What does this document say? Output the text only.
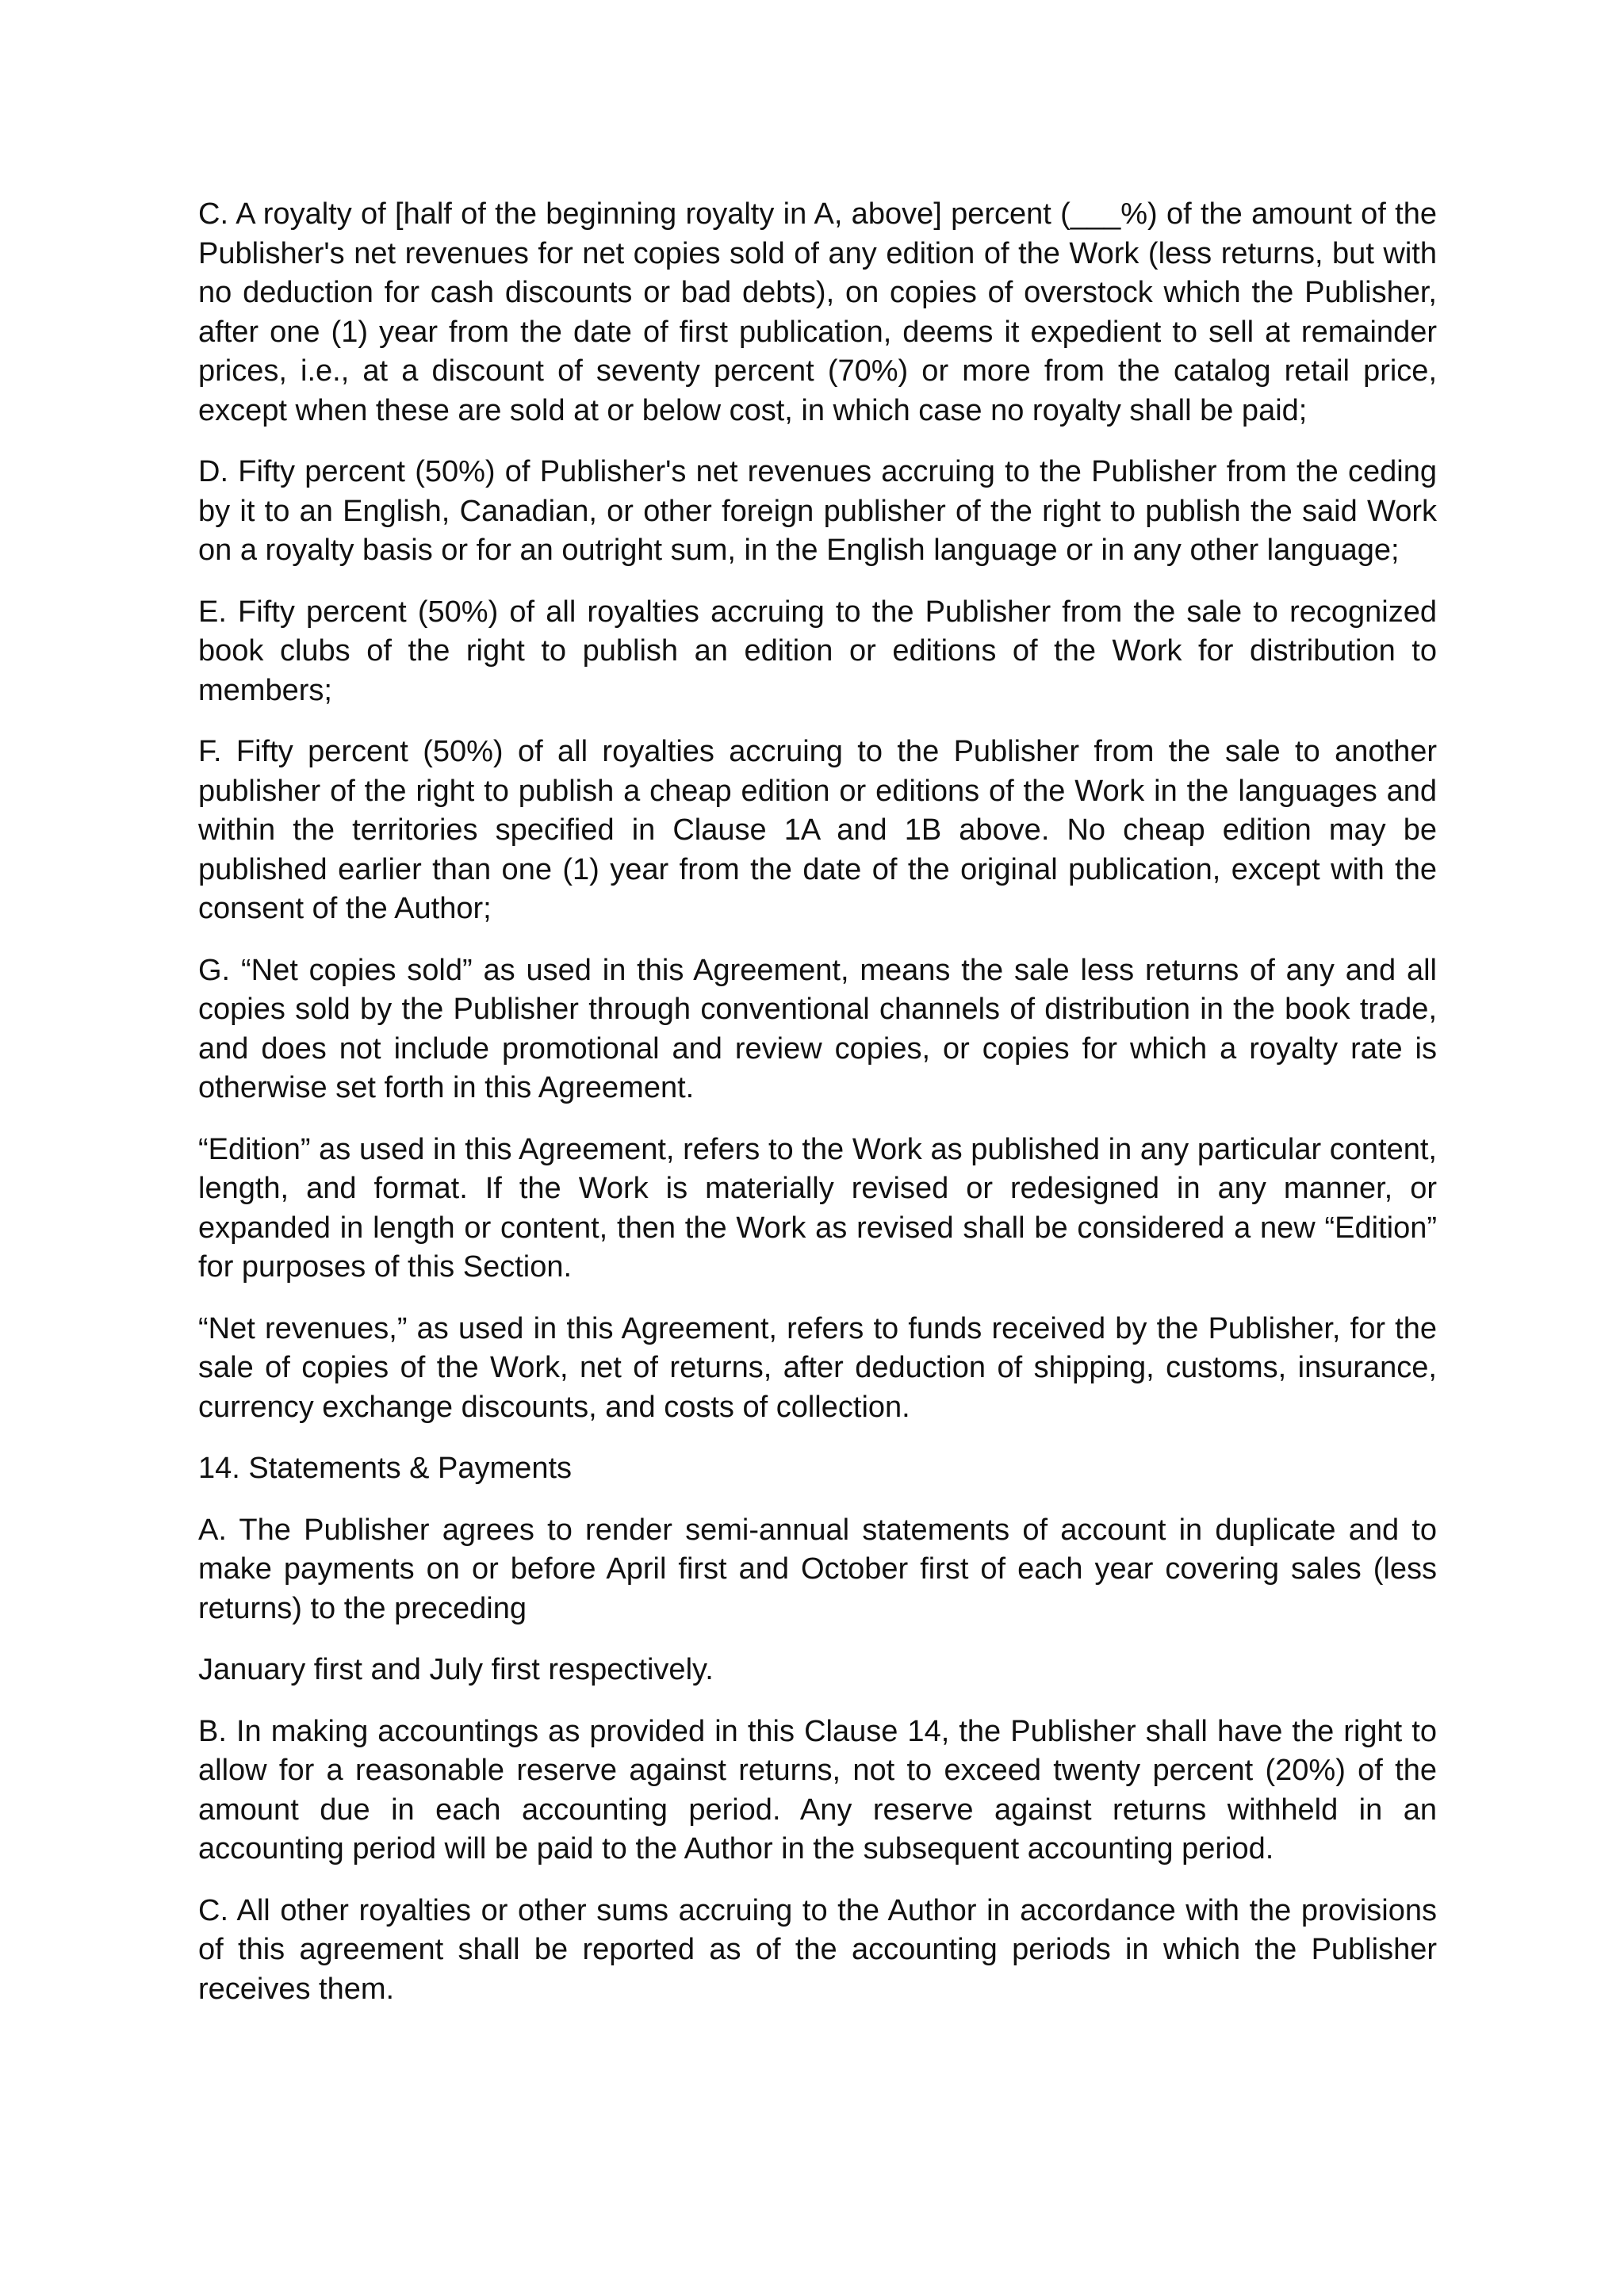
C. A royalty of [half of the beginning royalty in A, above] percent (___%) of the amount of the Publisher's net revenues for net copies sold of any edition of the Work (less returns, but with no deduction for cash discounts or bad debts), on copies of overstock which the Publisher, after one (1) year from the date of first publication, deems it expedient to sell at remainder prices, i.e., at a discount of seventy percent (70%) or more from the catalog retail price, except when these are sold at or below cost, in which case no royalty shall be paid;

D. Fifty percent (50%) of Publisher's net revenues accruing to the Publisher from the ceding by it to an English, Canadian, or other foreign publisher of the right to publish the said Work on a royalty basis or for an outright sum, in the English language or in any other language;

E. Fifty percent (50%) of all royalties accruing to the Publisher from the sale to recognized book clubs of the right to publish an edition or editions of the Work for distribution to members;

F. Fifty percent (50%) of all royalties accruing to the Publisher from the sale to another publisher of the right to publish a cheap edition or editions of the Work in the languages and within the territories specified in Clause 1A and 1B above. No cheap edition may be published earlier than one (1) year from the date of the original publication, except with the consent of the Author;

G. “Net copies sold” as used in this Agreement, means the sale less returns of any and all copies sold by the Publisher through conventional channels of distribution in the book trade, and does not include promotional and review copies, or copies for which a royalty rate is otherwise set forth in this Agreement.

“Edition” as used in this Agreement, refers to the Work as published in any particular content, length, and format. If the Work is materially revised or redesigned in any manner, or expanded in length or content, then the Work as revised shall be considered a new “Edition” for purposes of this Section.

“Net revenues,” as used in this Agreement, refers to funds received by the Publisher, for the sale of copies of the Work, net of returns, after deduction of shipping, customs, insurance, currency exchange discounts, and costs of collection.

14. Statements & Payments

A. The Publisher agrees to render semi-annual statements of account in duplicate and to make payments on or before April first and October first of each year covering sales (less returns) to the preceding

January first and July first respectively.

B. In making accountings as provided in this Clause 14, the Publisher shall have the right to allow for a reasonable reserve against returns, not to exceed twenty percent (20%) of the amount due in each accounting period. Any reserve against returns withheld in an accounting period will be paid to the Author in the subsequent accounting period.

C. All other royalties or other sums accruing to the Author in accordance with the provisions of this agreement shall be reported as of the accounting periods in which the Publisher receives them.
